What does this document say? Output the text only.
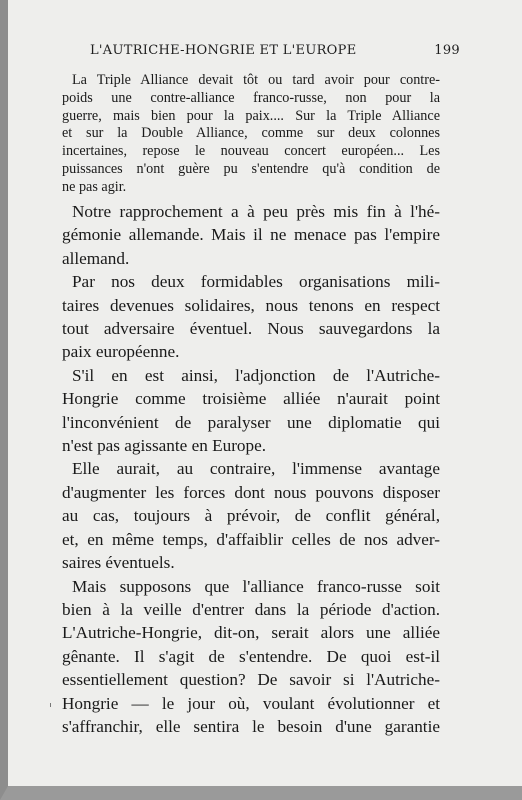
L'AUTRICHE-HONGRIE ET L'EUROPE	199
La Triple Alliance devait tôt ou tard avoir pour contre-
poids une contre-alliance franco-russe, non pour la
guerre, mais bien pour la paix.... Sur la Triple Alliance
et sur la Double Alliance, comme sur deux colonnes
incertaines, repose le nouveau concert européen... Les
puissances n'ont guère pu s'entendre qu'à condition de
ne pas agir.
Notre rapprochement a à peu près mis fin à l'hé-
gémonie allemande. Mais il ne menace pas l'empire
allemand.
Par nos deux formidables organisations mili-
taires devenues solidaires, nous tenons en respect
tout adversaire éventuel. Nous sauvegardons la
paix européenne.
S'il en est ainsi, l'adjonction de l'Autriche-
Hongrie comme troisième alliée n'aurait point
l'inconvénient de paralyser une diplomatie qui
n'est pas agissante en Europe.
Elle aurait, au contraire, l'immense avantage
d'augmenter les forces dont nous pouvons disposer
au cas, toujours à prévoir, de conflit général,
et, en même temps, d'affaiblir celles de nos adver-
saires éventuels.
Mais supposons que l'alliance franco-russe soit
bien à la veille d'entrer dans la période d'action.
L'Autriche-Hongrie, dit-on, serait alors une alliée
gênante. Il s'agit de s'entendre. De quoi est-il
essentiellement question? De savoir si l'Autriche-
Hongrie — le jour où, voulant évolutionner et
s'affranchir, elle sentira le besoin d'une garantie
